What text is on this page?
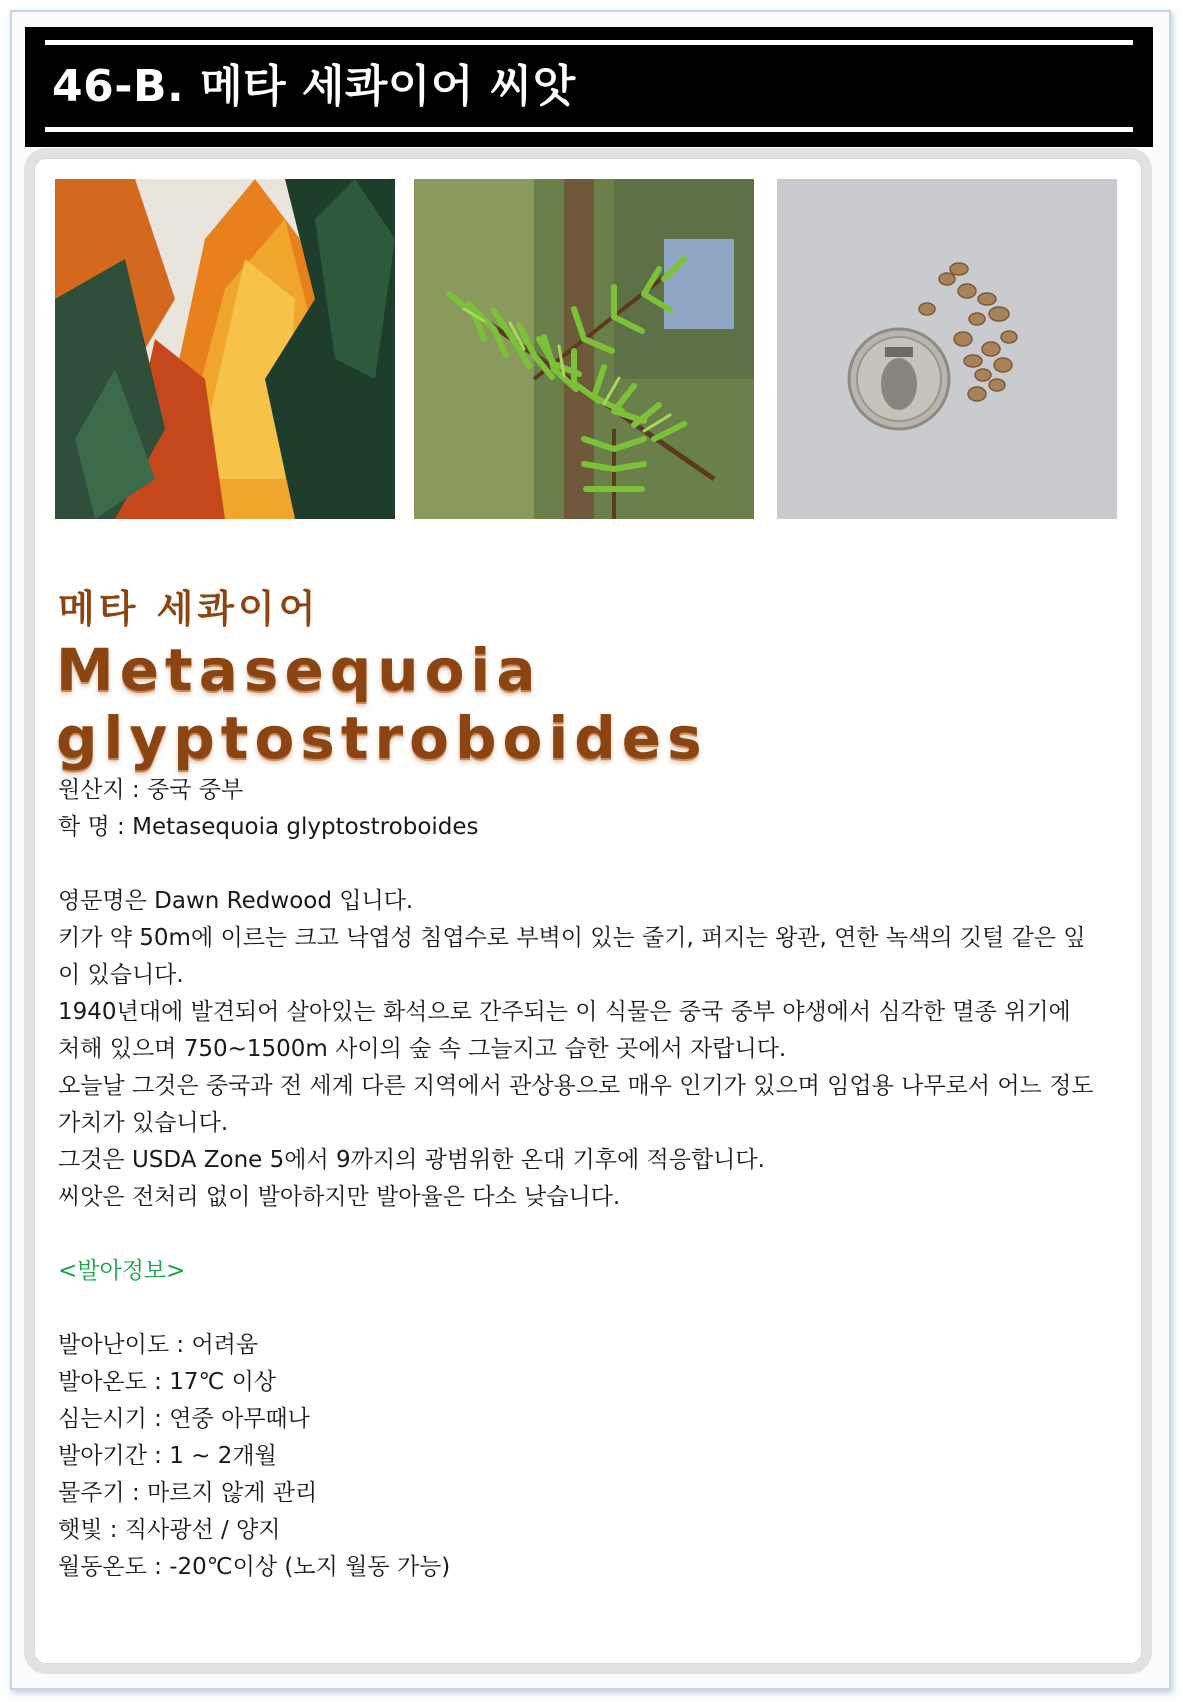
46-B. 메타 세콰이어 씨앗
메타 세콰이어
Metasequoia glyptostroboides
원산지 : 중국 중부
학 명 : Metasequoia glyptostroboides
영문명은 Dawn Redwood 입니다.
키가 약 50m에 이르는 크고 낙엽성 침엽수로 부벽이 있는 줄기, 퍼지는 왕관, 연한 녹색의 깃털 같은 잎
이 있습니다.
1940년대에 발견되어 살아있는 화석으로 간주되는 이 식물은 중국 중부 야생에서 심각한 멸종 위기에
처해 있으며 750~1500m 사이의 숲 속 그늘지고 습한 곳에서 자랍니다.
오늘날 그것은 중국과 전 세계 다른 지역에서 관상용으로 매우 인기가 있으며 임업용 나무로서 어느 정도
가치가 있습니다.
그것은 USDA Zone 5에서 9까지의 광범위한 온대 기후에 적응합니다.
씨앗은 전처리 없이 발아하지만 발아율은 다소 낮습니다.
<발아정보>
발아난이도 : 어려움
발아온도 : 17℃ 이상
심는시기 : 연중 아무때나
발아기간 : 1 ~ 2개월
물주기 : 마르지 않게 관리
햇빛 : 직사광선 / 양지
월동온도 : -20℃이상 (노지 월동 가능)
